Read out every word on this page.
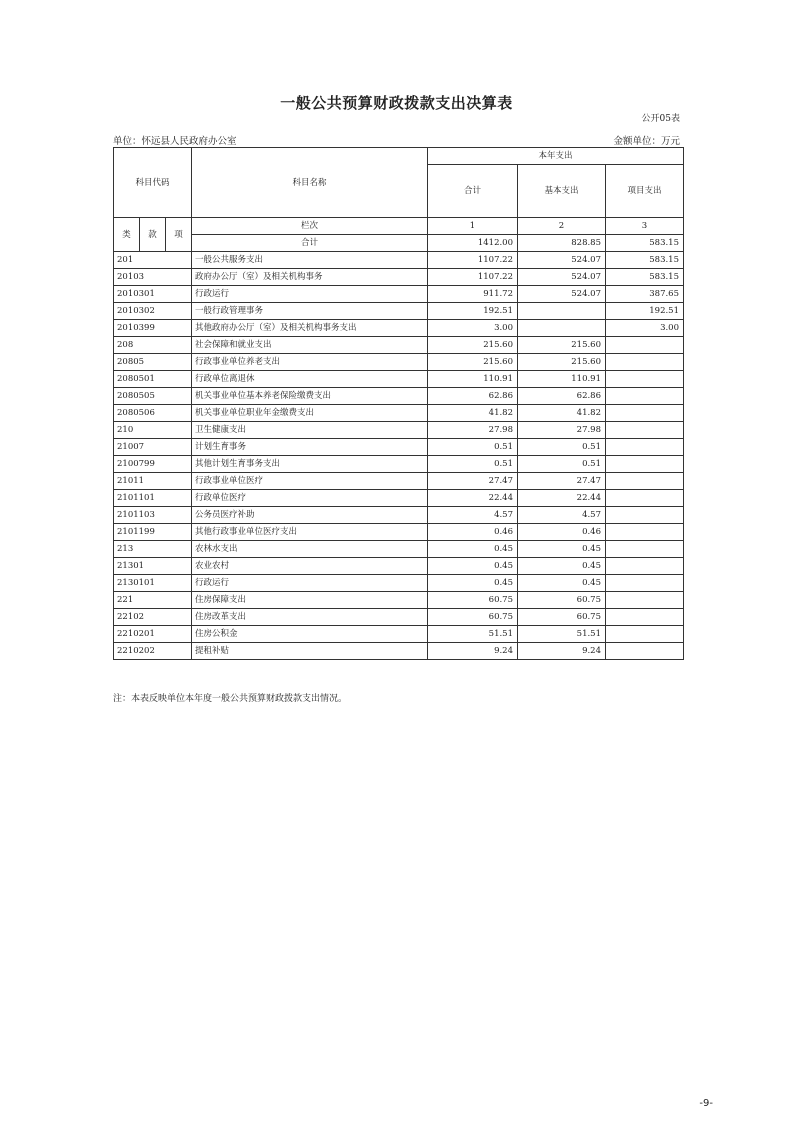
一般公共预算财政拨款支出决算表
公开05表
单位：怀远县人民政府办公室	金额单位：万元
科目代码			科目名称	本年支出		
				合计	基本支出	项目支出
类	款	项	栏次	1	2	3
			合计	1412.00	828.85	583.15
201			一般公共服务支出	1107.22	524.07	583.15
20103			政府办公厅（室）及相关机构事务	1107.22	524.07	583.15
2010301			行政运行	911.72	524.07	387.65
2010302			一般行政管理事务	192.51		192.51
2010399			其他政府办公厅（室）及相关机构事务支出	3.00		3.00
208			社会保障和就业支出	215.60	215.60	
20805			行政事业单位养老支出	215.60	215.60	
2080501			行政单位离退休	110.91	110.91	
2080505			机关事业单位基本养老保险缴费支出	62.86	62.86	
2080506			机关事业单位职业年金缴费支出	41.82	41.82	
210			卫生健康支出	27.98	27.98	
21007			计划生育事务	0.51	0.51	
2100799			其他计划生育事务支出	0.51	0.51	
21011			行政事业单位医疗	27.47	27.47	
2101101			行政单位医疗	22.44	22.44	
2101103			公务员医疗补助	4.57	4.57	
2101199			其他行政事业单位医疗支出	0.46	0.46	
213			农林水支出	0.45	0.45	
21301			农业农村	0.45	0.45	
2130101			行政运行	0.45	0.45	
221			住房保障支出	60.75	60.75	
22102			住房改革支出	60.75	60.75	
2210201			住房公积金	51.51	51.51	
2210202			提租补贴	9.24	9.24	
注：本表反映单位本年度一般公共预算财政拨款支出情况。
-9-
